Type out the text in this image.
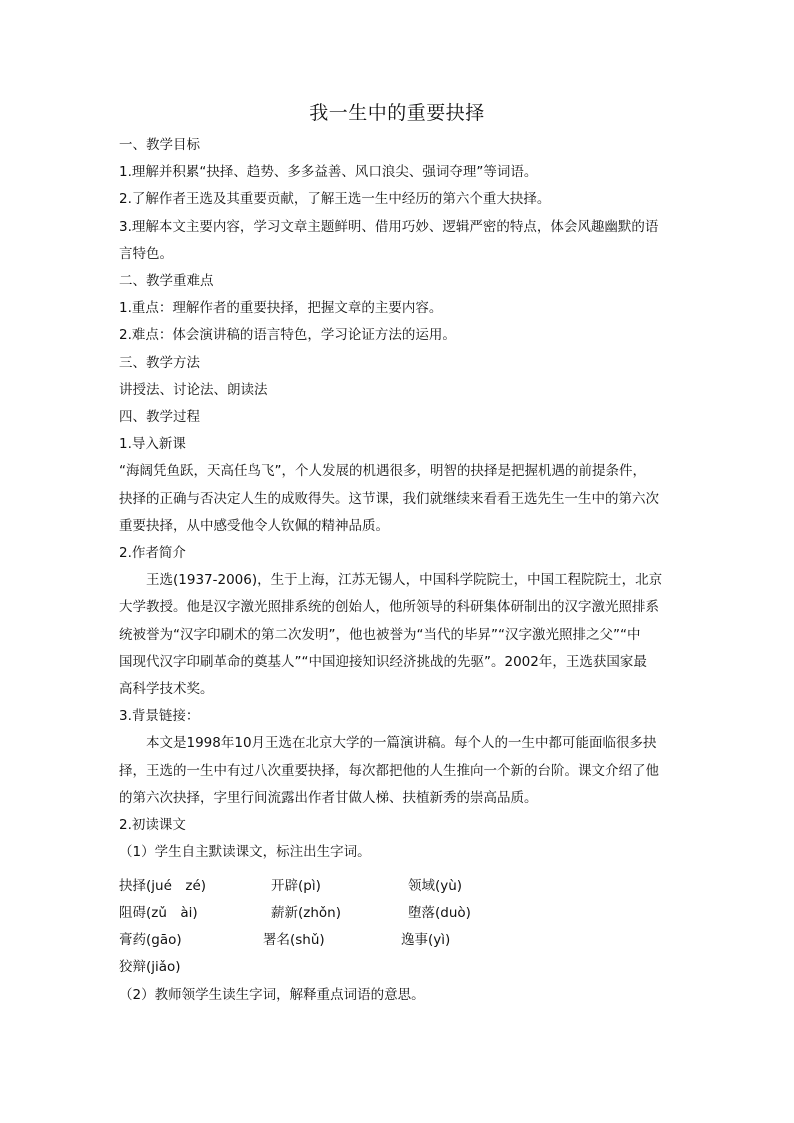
我一生中的重要抉择
一、教学目标
1.理解并积累“抉择、趋势、多多益善、风口浪尖、强词夺理”等词语。
2.了解作者王选及其重要贡献，了解王选一生中经历的第六个重大抉择。
3.理解本文主要内容，学习文章主题鲜明、借用巧妙、逻辑严密的特点，体会风趣幽默的语
言特色。
二、教学重难点
1.重点：理解作者的重要抉择，把握文章的主要内容。
2.难点：体会演讲稿的语言特色，学习论证方法的运用。
三、教学方法
讲授法、讨论法、朗读法
四、教学过程
1.导入新课
“海阔凭鱼跃，天高任鸟飞”，个人发展的机遇很多，明智的抉择是把握机遇的前提条件，
抉择的正确与否决定人生的成败得失。这节课，我们就继续来看看王选先生一生中的第六次
重要抉择，从中感受他令人钦佩的精神品质。
2.作者简介
王选(1937-2006)，生于上海，江苏无锡人，中国科学院院士，中国工程院院士，北京
大学教授。他是汉字激光照排系统的创始人，他所领导的科研集体研制出的汉字激光照排系
统被誉为“汉字印刷术的第二次发明”，他也被誉为“当代的毕昇”“汉字激光照排之父”“中
国现代汉字印刷革命的奠基人”“中国迎接知识经济挑战的先驱”。2002年，王选获国家最
高科学技术奖。
3.背景链接：
本文是1998年10月王选在北京大学的一篇演讲稿。每个人的一生中都可能面临很多抉
择，王选的一生中有过八次重要抉择，每次都把他的人生推向一个新的台阶。课文介绍了他
的第六次抉择，字里行间流露出作者甘做人梯、扶植新秀的崇高品质。
2.初读课文
（1）学生自主默读课文，标注出生字词。
抉择(jué　zé)	开辟(pì)	领域(yù)
阻碍(zǔ　ài)	薪新(zhǒn)	堕落(duò)
膏药(gāo)	署名(shǔ)	逸事(yì)
狡辩(jiǎo)
（2）教师领学生读生字词，解释重点词语的意思。
